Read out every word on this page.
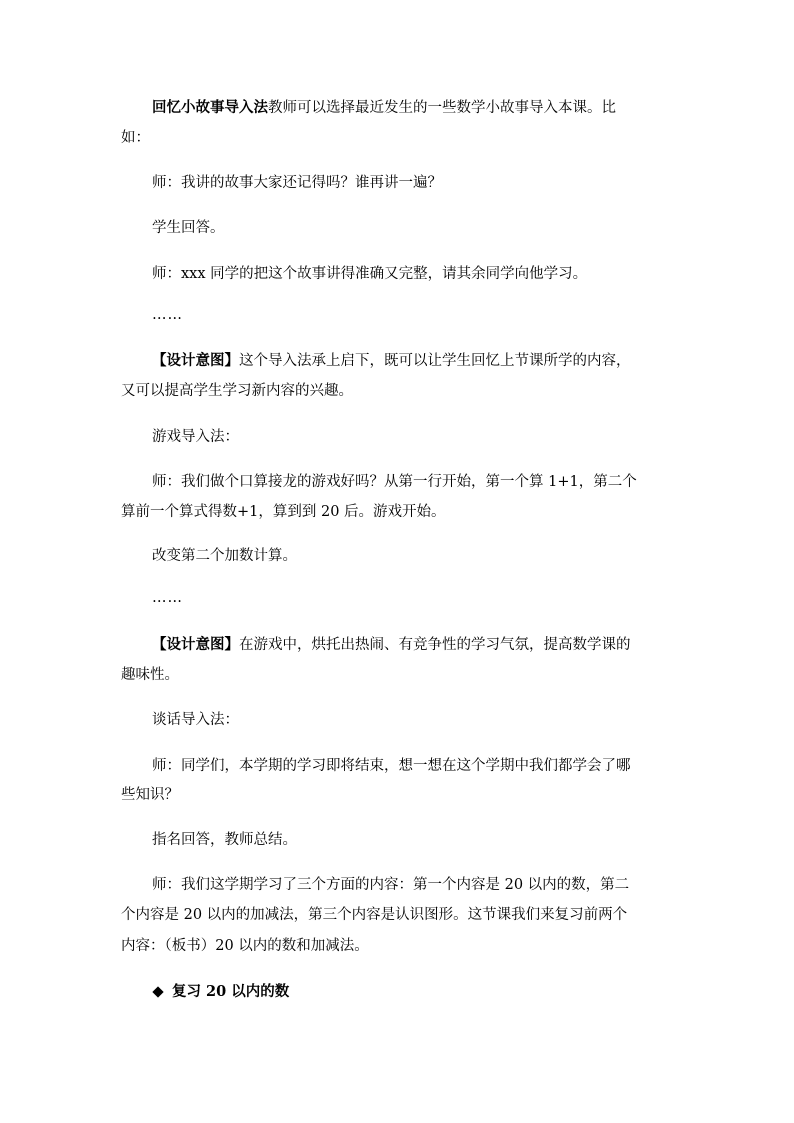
回忆小故事导入法教师可以选择最近发生的一些数学小故事导入本课。比
如：
师：我讲的故事大家还记得吗？谁再讲一遍？
学生回答。
师：xxx 同学的把这个故事讲得准确又完整，请其余同学向他学习。
……
【设计意图】这个导入法承上启下，既可以让学生回忆上节课所学的内容，
又可以提高学生学习新内容的兴趣。
游戏导入法：
师：我们做个口算接龙的游戏好吗？从第一行开始，第一个算 1+1，第二个
算前一个算式得数+1，算到到 20 后。游戏开始。
改变第二个加数计算。
……
【设计意图】在游戏中，烘托出热闹、有竞争性的学习气氛，提高数学课的
趣味性。
谈话导入法：
师：同学们，本学期的学习即将结束，想一想在这个学期中我们都学会了哪
些知识？
指名回答，教师总结。
师：我们这学期学习了三个方面的内容：第一个内容是 20 以内的数，第二
个内容是 20 以内的加减法，第三个内容是认识图形。这节课我们来复习前两个
内容：（板书）20 以内的数和加减法。
复习 20 以内的数
